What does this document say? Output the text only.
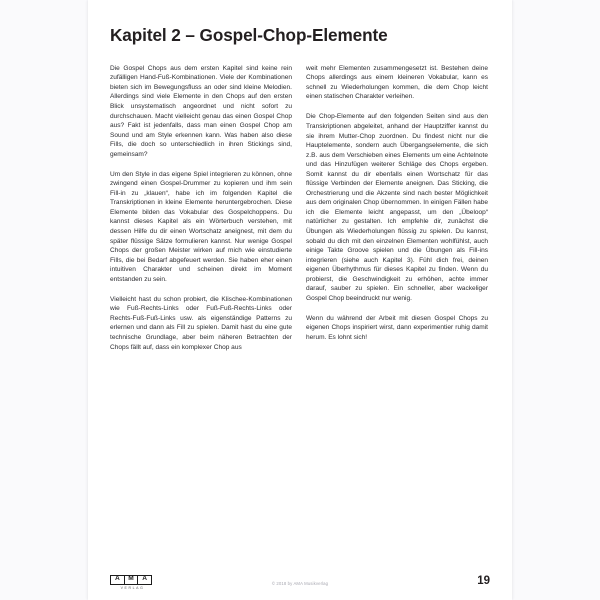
Kapitel 2 – Gospel-Chop-Elemente

Die Gospel Chops aus dem ersten Kapitel sind keine rein zufälligen Hand-Fuß-Kombinationen. Viele der Kombinationen bieten sich im Bewegungsfluss an oder sind kleine Melodien. Allerdings sind viele Elemente in den Chops auf den ersten Blick unsystematisch angeordnet und nicht sofort zu durchschauen. Macht vielleicht genau das einen Gospel Chop aus? Fakt ist jedenfalls, dass man einen Gospel Chop am Sound und am Style erkennen kann. Was haben also diese Fills, die doch so unterschiedlich in ihren Stickings sind, gemeinsam?

Um den Style in das eigene Spiel integrieren zu können, ohne zwingend einen Gospel-Drummer zu kopieren und ihm sein Fill-in zu „klauen“, habe ich im folgenden Kapitel die Transkriptionen in kleine Elemente heruntergebrochen. Diese Elemente bilden das Vokabular des Gospelchoppens. Du kannst dieses Kapitel als ein Wörterbuch verstehen, mit dessen Hilfe du dir einen Wortschatz aneignest, mit dem du später flüssige Sätze formulieren kannst. Nur wenige Gospel Chops der großen Meister wirken auf mich wie einstudierte Fills, die bei Bedarf abgefeuert werden. Sie haben eher einen intuitiven Charakter und scheinen direkt im Moment entstanden zu sein.

Vielleicht hast du schon probiert, die Klischee-Kombinationen wie Fuß-Rechts-Links oder Fuß-Fuß-Rechts-Links oder Rechts-Fuß-Fuß-Links usw. als eigenständige Patterns zu erlernen und dann als Fill zu spielen. Damit hast du eine gute technische Grundlage, aber beim näheren Betrachten der Chops fällt auf, dass ein komplexer Chop aus

weit mehr Elementen zusammengesetzt ist. Bestehen deine Chops allerdings aus einem kleineren Vokabular, kann es schnell zu Wiederholungen kommen, die dem Chop leicht einen statischen Charakter verleihen.

Die Chop-Elemente auf den folgenden Seiten sind aus den Transkriptionen abgeleitet, anhand der Hauptziffer kannst du sie ihrem Mutter-Chop zuordnen. Du findest nicht nur die Hauptelemente, sondern auch Übergangselemente, die sich z.B. aus dem Verschieben eines Elements um eine Achtelnote und das Hinzufügen weiterer Schläge des Chops ergeben. Somit kannst du dir ebenfalls einen Wortschatz für das flüssige Verbinden der Elemente aneignen. Das Sticking, die Orchestrierung und die Akzente sind nach bester Möglichkeit aus dem originalen Chop übernommen. In einigen Fällen habe ich die Elemente leicht angepasst, um den „Übeloop“ natürlicher zu gestalten. Ich empfehle dir, zunächst die Übungen als Wiederholungen flüssig zu spielen. Du kannst, sobald du dich mit den einzelnen Elementen wohlfühlst, auch einige Takte Groove spielen und die Übungen als Fill-ins integrieren (siehe auch Kapitel 3). Fühl dich frei, deinen eigenen Überhythmus für dieses Kapitel zu finden. Wenn du probierst, die Geschwindigkeit zu erhöhen, achte immer darauf, sauber zu spielen. Ein schneller, aber wackeliger Gospel Chop beeindruckt nur wenig.

Wenn du während der Arbeit mit diesen Gospel Chops zu eigenen Chops inspiriert wirst, dann experimentier ruhig damit herum. Es lohnt sich!

A	M	A
VERLAG
© 2018 by AMA Musikverlag	19
